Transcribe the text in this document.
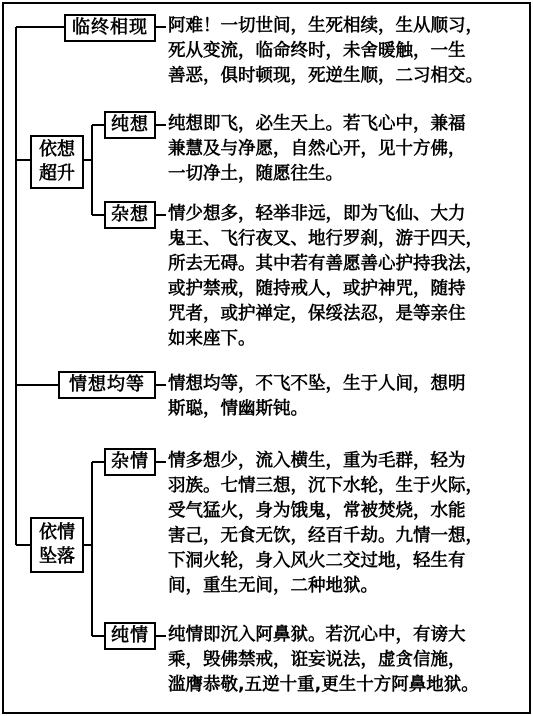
临终相现
依想
超升
纯想
杂想
情想均等
依情
坠落
杂情
纯情
阿难！一切世间，生死相续，生从顺习，
死从变流，临命终时，未舍暖触，一生
善恶，俱时顿现，死逆生顺，二习相交。
纯想即飞，必生天上。若飞心中，兼福
兼慧及与净愿，自然心开，见十方佛，
一切净土，随愿往生。
情少想多，轻举非远，即为飞仙、大力
鬼王、飞行夜叉、地行罗刹，游于四天，
所去无碍。其中若有善愿善心护持我法，
或护禁戒，随持戒人，或护神咒，随持
咒者，或护禅定，保绥法忍，是等亲住
如来座下。
情想均等，不飞不坠，生于人间，想明
斯聪，情幽斯钝。
情多想少，流入横生，重为毛群，轻为
羽族。七情三想，沉下水轮，生于火际，
受气猛火，身为饿鬼，常被焚烧，水能
害己，无食无饮，经百千劫。九情一想，
下洞火轮，身入风火二交过地，轻生有
间，重生无间，二种地狱。
纯情即沉入阿鼻狱。若沉心中，有谤大
乘，毁佛禁戒，诳妄说法，虚贪信施，
滥膺恭敬,五逆十重,更生十方阿鼻地狱。
